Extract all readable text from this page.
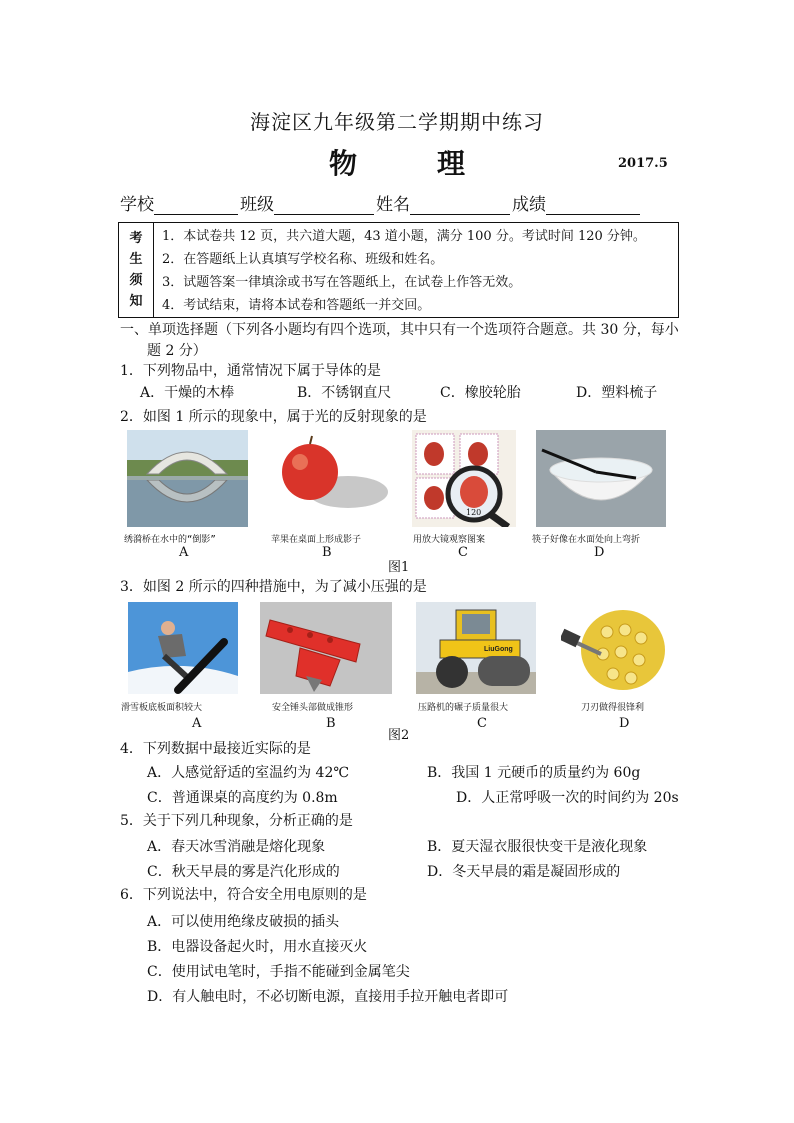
海淀区九年级第二学期期中练习
物	理	2017.5
学校	班级	姓名	成绩
考
生
须
知
1．本试卷共 12 页，共六道大题，43 道小题，满分 100 分。考试时间 120 分钟。
2．在答题纸上认真填写学校名称、班级和姓名。
3．试题答案一律填涂或书写在答题纸上，在试卷上作答无效。
4．考试结束，请将本试卷和答题纸一并交回。
一、单项选择题（下列各小题均有四个选项，其中只有一个选项符合题意。共 30 分，每小
题 2 分）
1．下列物品中，通常情况下属于导体的是
A．干燥的木棒	B．不锈钢直尺	C．橡胶轮胎	D．塑料梳子
2．如图 1 所示的现象中，属于光的反射现象的是
绣漪桥在水中的“倒影”
A
苹果在桌面上形成影子
B
120
用放大镜观察图案
C
筷子好像在水面处向上弯折
D
图1
3．如图 2 所示的四种措施中，为了减小压强的是
滑雪板底板面积较大
A
安全锤头部做成锥形
B
LiuGong
压路机的碾子质量很大
C
刀刃做得很锋利
D
图2
4．下列数据中最接近实际的是
A．人感觉舒适的室温约为 42℃	B．我国 1 元硬币的质量约为 60g
C．普通课桌的高度约为 0.8m	D．人正常呼吸一次的时间约为 20s
5．关于下列几种现象，分析正确的是
A．春天冰雪消融是熔化现象	B．夏天湿衣服很快变干是液化现象
C．秋天早晨的雾是汽化形成的	D．冬天早晨的霜是凝固形成的
6．下列说法中，符合安全用电原则的是
A．可以使用绝缘皮破损的插头
B．电器设备起火时，用水直接灭火
C．使用试电笔时，手指不能碰到金属笔尖
D．有人触电时，不必切断电源，直接用手拉开触电者即可
